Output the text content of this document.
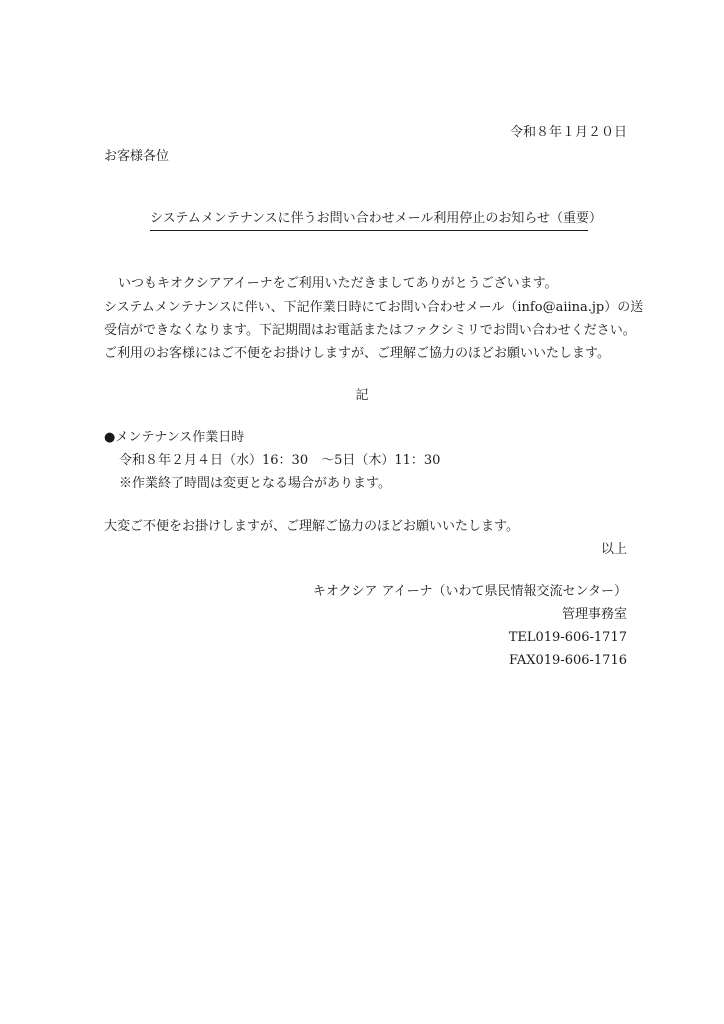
令和８年１月２０日
お客様各位
システムメンテナンスに伴うお問い合わせメール利用停止のお知らせ（重要）
いつもキオクシアアイーナをご利用いただきましてありがとうございます。
システムメンテナンスに伴い、下記作業日時にてお問い合わせメール（info@aiina.jp）の送
受信ができなくなります。下記期間はお電話またはファクシミリでお問い合わせください。
ご利用のお客様にはご不便をお掛けしますが、ご理解ご協力のほどお願いいたします。
記
●メンテナンス作業日時
令和８年２月４日（水）16：30　～5日（木）11：30
※作業終了時間は変更となる場合があります。
大変ご不便をお掛けしますが、ご理解ご協力のほどお願いいたします。
以上
キオクシア アイーナ（いわて県民情報交流センター）
管理事務室
TEL019-606-1717
FAX019-606-1716
